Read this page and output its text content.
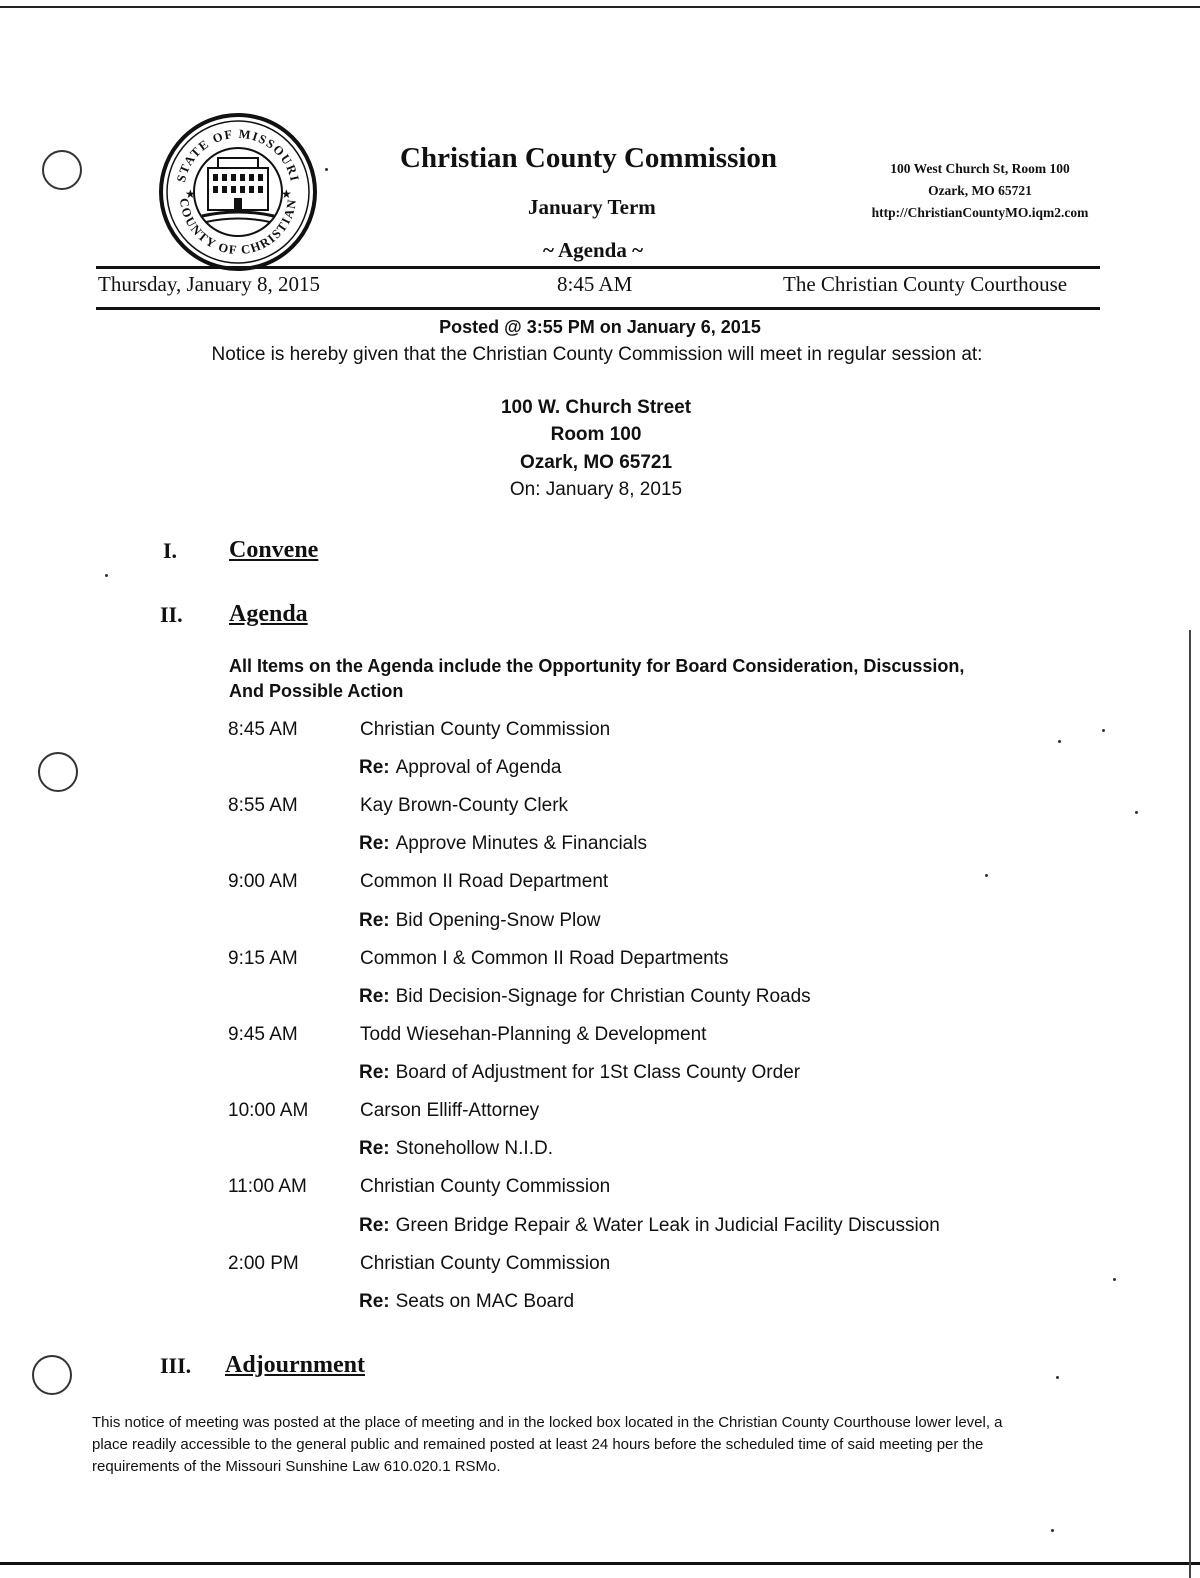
STATE OF MISSOURI
COUNTY OF CHRISTIAN
★	★
Christian County Commission
January Term
~ Agenda ~
100 West Church St, Room 100
Ozark, MO 65721
http://ChristianCountyMO.iqm2.com
Thursday, January 8, 2015	8:45 AM	The Christian County Courthouse
Posted @ 3:55 PM on January 6, 2015
Notice is hereby given that the Christian County Commission will meet in regular session at:
100 W. Church Street
Room 100
Ozark, MO 65721
On: January 8, 2015
I. Convene
II. Agenda
All Items on the Agenda include the Opportunity for Board Consideration, Discussion,
And Possible Action
8:45 AM	Christian County Commission
Re: Approval of Agenda
8:55 AM	Kay Brown-County Clerk
Re: Approve Minutes & Financials
9:00 AM	Common II Road Department
Re: Bid Opening-Snow Plow
9:15 AM	Common I & Common II Road Departments
Re: Bid Decision-Signage for Christian County Roads
9:45 AM	Todd Wiesehan-Planning & Development
Re: Board of Adjustment for 1St Class County Order
10:00 AM	Carson Elliff-Attorney
Re: Stonehollow N.I.D.
11:00 AM	Christian County Commission
Re: Green Bridge Repair & Water Leak in Judicial Facility Discussion
2:00 PM	Christian County Commission
Re: Seats on MAC Board
III. Adjournment
This notice of meeting was posted at the place of meeting and in the locked box located in the Christian County Courthouse lower level, a place readily accessible to the general public and remained posted at least 24 hours before the scheduled time of said meeting per the requirements of the Missouri Sunshine Law 610.020.1 RSMo.
